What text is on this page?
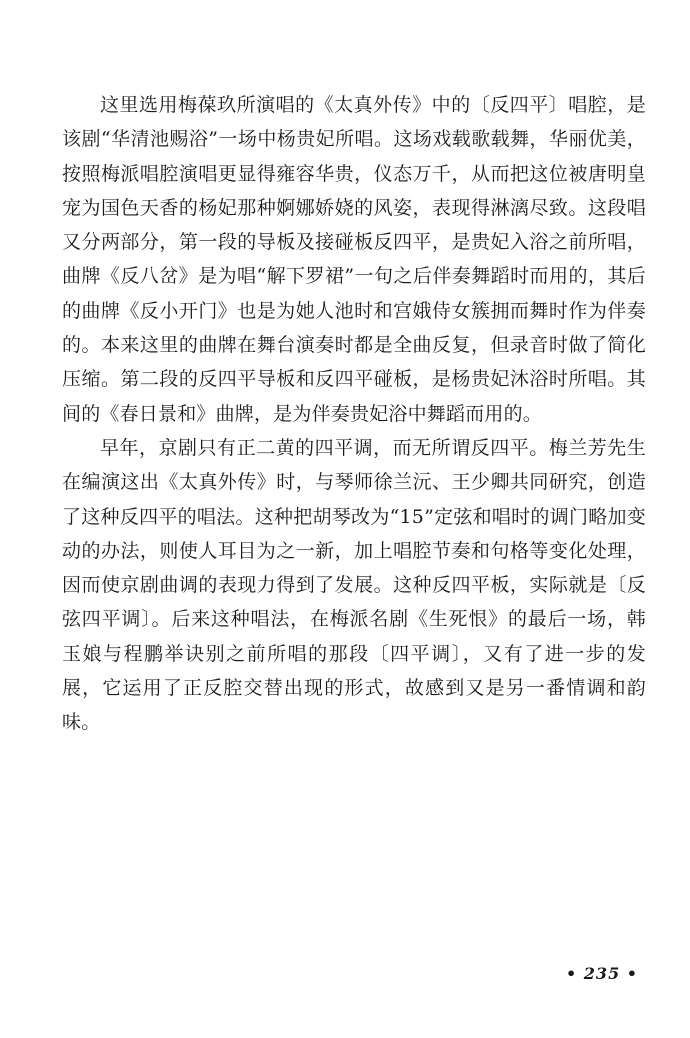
这里选用梅葆玖所演唱的《太真外传》中的〔反四平〕唱腔，是该剧“华清池赐浴”一场中杨贵妃所唱。这场戏载歌载舞，华丽优美，按照梅派唱腔演唱更显得雍容华贵，仪态万千，从而把这位被唐明皇宠为国色天香的杨妃那种婀娜娇娆的风姿，表现得淋漓尽致。这段唱又分两部分，第一段的导板及接碰板反四平，是贵妃入浴之前所唱，曲牌《反八岔》是为唱“解下罗裙”一句之后伴奏舞蹈时而用的，其后的曲牌《反小开门》也是为她人池时和宫娥侍女簇拥而舞时作为伴奏的。本来这里的曲牌在舞台演奏时都是全曲反复，但录音时做了简化压缩。第二段的反四平导板和反四平碰板，是杨贵妃沐浴时所唱。其间的《春日景和》曲牌，是为伴奏贵妃浴中舞蹈而用的。

早年，京剧只有正二黄的四平调，而无所谓反四平。梅兰芳先生在编演这出《太真外传》时，与琴师徐兰沅、王少卿共同研究，创造了这种反四平的唱法。这种把胡琴改为“15”定弦和唱时的调门略加变动的办法，则使人耳目为之一新，加上唱腔节奏和句格等变化处理，因而使京剧曲调的表现力得到了发展。这种反四平板，实际就是〔反弦四平调〕。后来这种唱法，在梅派名剧《生死恨》的最后一场，韩玉娘与程鹏举诀别之前所唱的那段〔四平调〕，又有了进一步的发展，它运用了正反腔交替出现的形式，故感到又是另一番情调和韵味。

• 235 •
